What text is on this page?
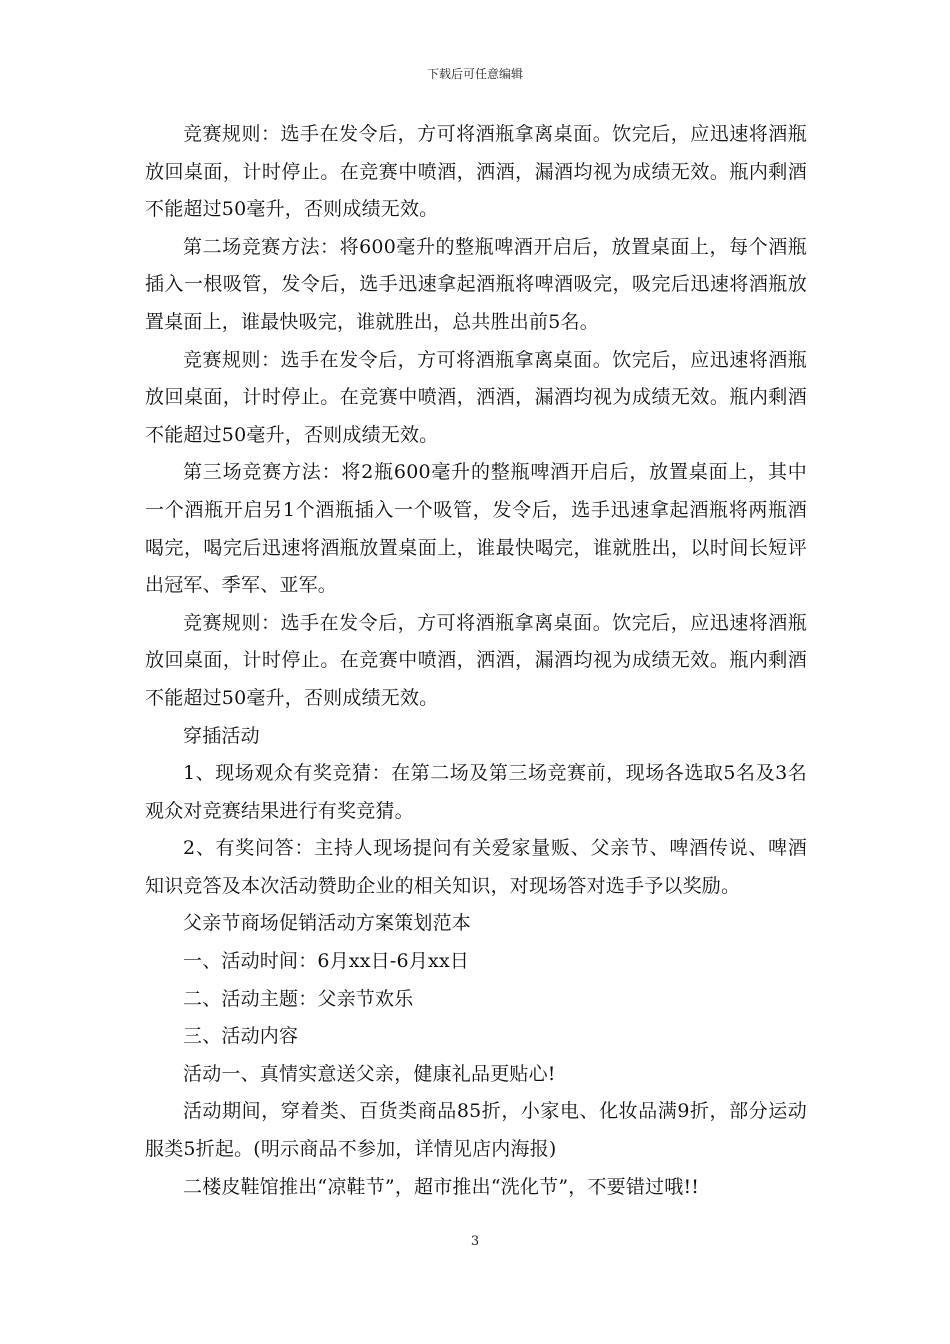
下载后可任意编辑

竞赛规则：选手在发令后，方可将酒瓶拿离桌面。饮完后，应迅速将酒瓶放回桌面，计时停止。在竞赛中喷酒，洒酒，漏酒均视为成绩无效。瓶内剩酒不能超过50毫升，否则成绩无效。

第二场竞赛方法：将600毫升的整瓶啤酒开启后，放置桌面上，每个酒瓶插入一根吸管，发令后，选手迅速拿起酒瓶将啤酒吸完，吸完后迅速将酒瓶放置桌面上，谁最快吸完，谁就胜出，总共胜出前5名。

竞赛规则：选手在发令后，方可将酒瓶拿离桌面。饮完后，应迅速将酒瓶放回桌面，计时停止。在竞赛中喷酒，洒酒，漏酒均视为成绩无效。瓶内剩酒不能超过50毫升，否则成绩无效。

第三场竞赛方法：将2瓶600毫升的整瓶啤酒开启后，放置桌面上，其中一个酒瓶开启另1个酒瓶插入一个吸管，发令后，选手迅速拿起酒瓶将两瓶酒喝完，喝完后迅速将酒瓶放置桌面上，谁最快喝完，谁就胜出，以时间长短评出冠军、季军、亚军。

竞赛规则：选手在发令后，方可将酒瓶拿离桌面。饮完后，应迅速将酒瓶放回桌面，计时停止。在竞赛中喷酒，洒酒，漏酒均视为成绩无效。瓶内剩酒不能超过50毫升，否则成绩无效。

穿插活动

1、现场观众有奖竞猜：在第二场及第三场竞赛前，现场各选取5名及3名观众对竞赛结果进行有奖竞猜。

2、有奖问答：主持人现场提问有关爱家量贩、父亲节、啤酒传说、啤酒知识竞答及本次活动赞助企业的相关知识，对现场答对选手予以奖励。

父亲节商场促销活动方案策划范本

一、活动时间：6月xx日-6月xx日

二、活动主题：父亲节欢乐

三、活动内容

活动一、真情实意送父亲，健康礼品更贴心!

活动期间，穿着类、百货类商品85折，小家电、化妆品满9折，部分运动服类5折起。(明示商品不参加，详情见店内海报)

二楼皮鞋馆推出“凉鞋节”，超市推出“洗化节”，不要错过哦!!

3
